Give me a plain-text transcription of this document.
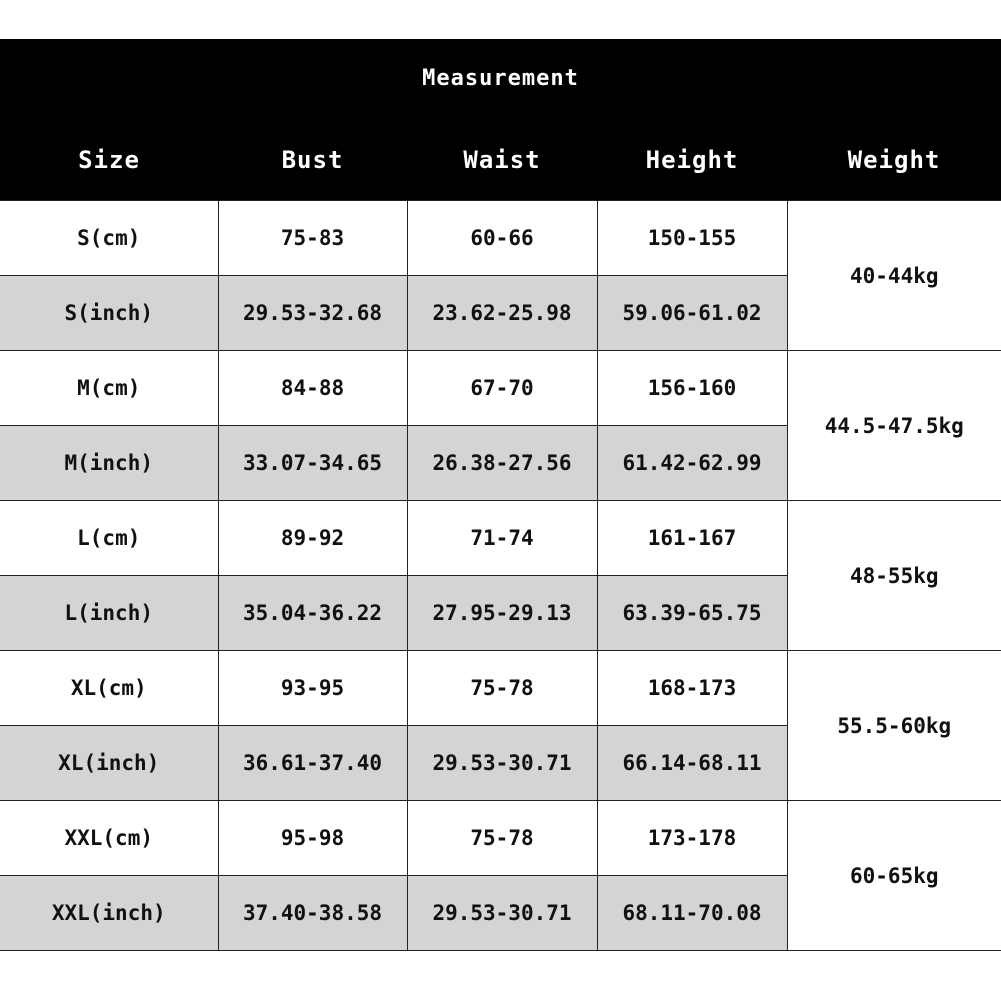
Measurement				
Size	Bust	Waist	Height	Weight
S(cm)	75-83	60-66	150-155	40-44kg
S(inch)	29.53-32.68	23.62-25.98	59.06-61.02	
M(cm)	84-88	67-70	156-160	44.5-47.5kg
M(inch)	33.07-34.65	26.38-27.56	61.42-62.99	
L(cm)	89-92	71-74	161-167	48-55kg
L(inch)	35.04-36.22	27.95-29.13	63.39-65.75	
XL(cm)	93-95	75-78	168-173	55.5-60kg
XL(inch)	36.61-37.40	29.53-30.71	66.14-68.11	
XXL(cm)	95-98	75-78	173-178	60-65kg
XXL(inch)	37.40-38.58	29.53-30.71	68.11-70.08	
